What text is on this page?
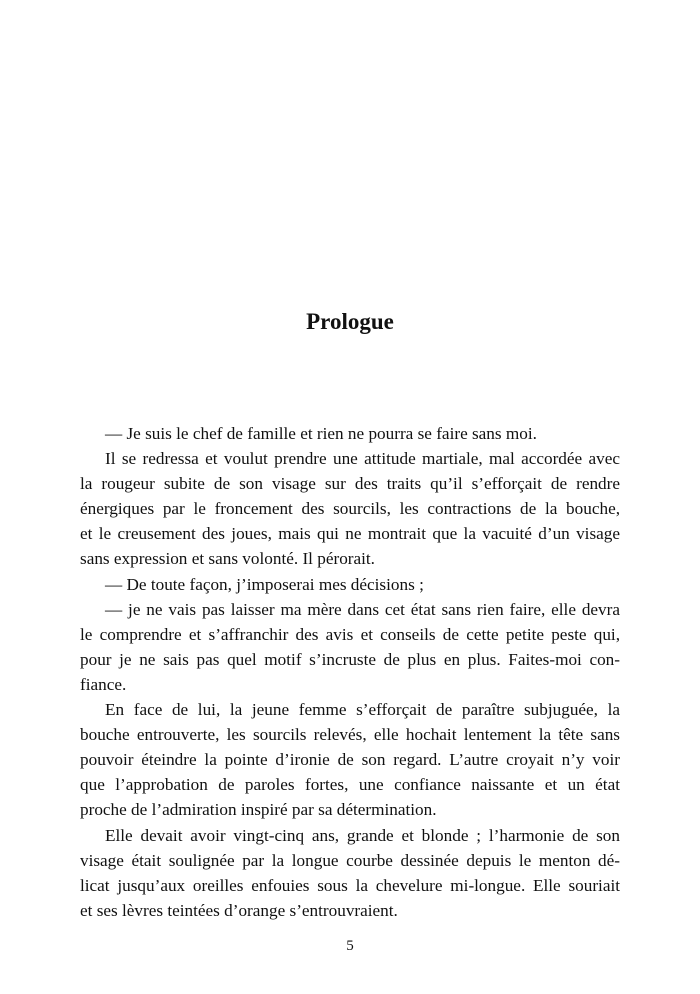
Prologue
— Je suis le chef de famille et rien ne pourra se faire sans moi.
Il se redressa et voulut prendre une attitude martiale, mal accordée avec
la rougeur subite de son visage sur des traits qu’il s’efforçait de rendre
énergiques par le froncement des sourcils, les contractions de la bouche,
et le creusement des joues, mais qui ne montrait que la vacuité d’un visage
sans expression et sans volonté. Il pérorait.
— De toute façon, j’imposerai mes décisions ;
— je ne vais pas laisser ma mère dans cet état sans rien faire, elle devra
le comprendre et s’affranchir des avis et conseils de cette petite peste qui,
pour je ne sais pas quel motif s’incruste de plus en plus. Faites-moi con-
fiance.
En face de lui, la jeune femme s’efforçait de paraître subjuguée, la
bouche entrouverte, les sourcils relevés, elle hochait lentement la tête sans
pouvoir éteindre la pointe d’ironie de son regard. L’autre croyait n’y voir
que l’approbation de paroles fortes, une confiance naissante et un état
proche de l’admiration inspiré par sa détermination.
Elle devait avoir vingt-cinq ans, grande et blonde ; l’harmonie de son
visage était soulignée par la longue courbe dessinée depuis le menton dé-
licat jusqu’aux oreilles enfouies sous la chevelure mi-longue. Elle souriait
et ses lèvres teintées d’orange s’entrouvraient.
5
